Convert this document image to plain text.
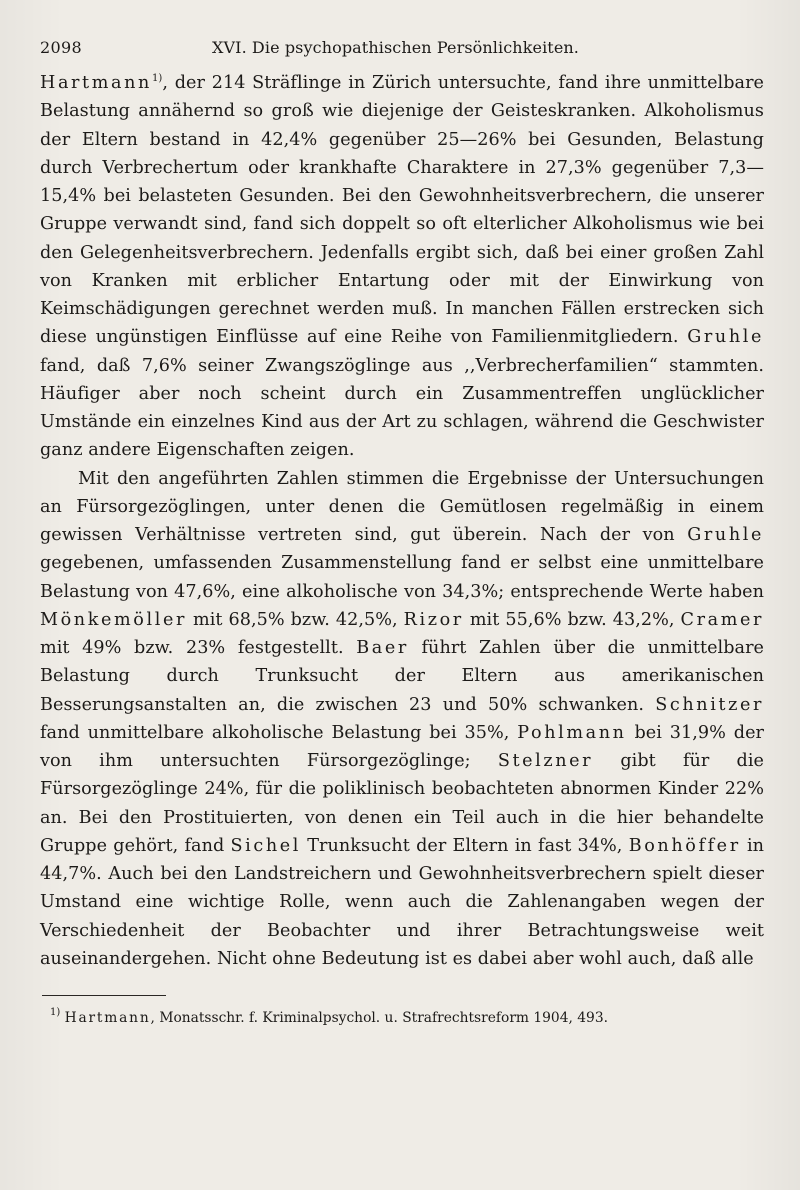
2098	XVI. Die psychopathischen Persönlichkeiten.

Hartmann$^{1)}$, der 214 Sträflinge in Zürich untersuchte, fand ihre unmittelbare Belastung annähernd so groß wie diejenige der Geisteskranken. Alkoholismus der Eltern bestand in 42,4% gegenüber 25—26% bei Gesunden, Belastung durch Verbrechertum oder krankhafte Charaktere in 27,3% gegenüber 7,3—15,4% bei belasteten Gesunden. Bei den Gewohnheitsverbrechern, die unserer Gruppe verwandt sind, fand sich doppelt so oft elterlicher Alkoholismus wie bei den Gelegenheitsverbrechern. Jedenfalls ergibt sich, daß bei einer großen Zahl von Kranken mit erblicher Entartung oder mit der Einwirkung von Keimschädigungen gerechnet werden muß. In manchen Fällen erstrecken sich diese ungünstigen Einflüsse auf eine Reihe von Familienmitgliedern. Gruhle fand, daß 7,6% seiner Zwangszöglinge aus ,,Verbrecherfamilien“ stammten. Häufiger aber noch scheint durch ein Zusammentreffen unglücklicher Umstände ein einzelnes Kind aus der Art zu schlagen, während die Geschwister ganz andere Eigenschaften zeigen.

Mit den angeführten Zahlen stimmen die Ergebnisse der Untersuchungen an Fürsorgezöglingen, unter denen die Gemütlosen regelmäßig in einem gewissen Verhältnisse vertreten sind, gut überein. Nach der von Gruhle gegebenen, umfassenden Zusammenstellung fand er selbst eine unmittelbare Belastung von 47,6%, eine alkoholische von 34,3%; entsprechende Werte haben Mönkemöller mit 68,5% bzw. 42,5%, Rizor mit 55,6% bzw. 43,2%, Cramer mit 49% bzw. 23% festgestellt. Baer führt Zahlen über die unmittelbare Belastung durch Trunksucht der Eltern aus amerikanischen Besserungsanstalten an, die zwischen 23 und 50% schwanken. Schnitzer fand unmittelbare alkoholische Belastung bei 35%, Pohlmann bei 31,9% der von ihm untersuchten Fürsorgezöglinge; Stelzner gibt für die Fürsorgezöglinge 24%, für die poliklinisch beobachteten abnormen Kinder 22% an. Bei den Prostituierten, von denen ein Teil auch in die hier behandelte Gruppe gehört, fand Sichel Trunksucht der Eltern in fast 34%, Bonhöffer in 44,7%. Auch bei den Landstreichern und Gewohnheitsverbrechern spielt dieser Umstand eine wichtige Rolle, wenn auch die Zahlenangaben wegen der Verschiedenheit der Beobachter und ihrer Betrachtungsweise weit auseinandergehen. Nicht ohne Bedeutung ist es dabei aber wohl auch, daß alle

$^{1)}$ Hartmann, Monatsschr. f. Kriminalpsychol. u. Strafrechtsreform 1904, 493.
